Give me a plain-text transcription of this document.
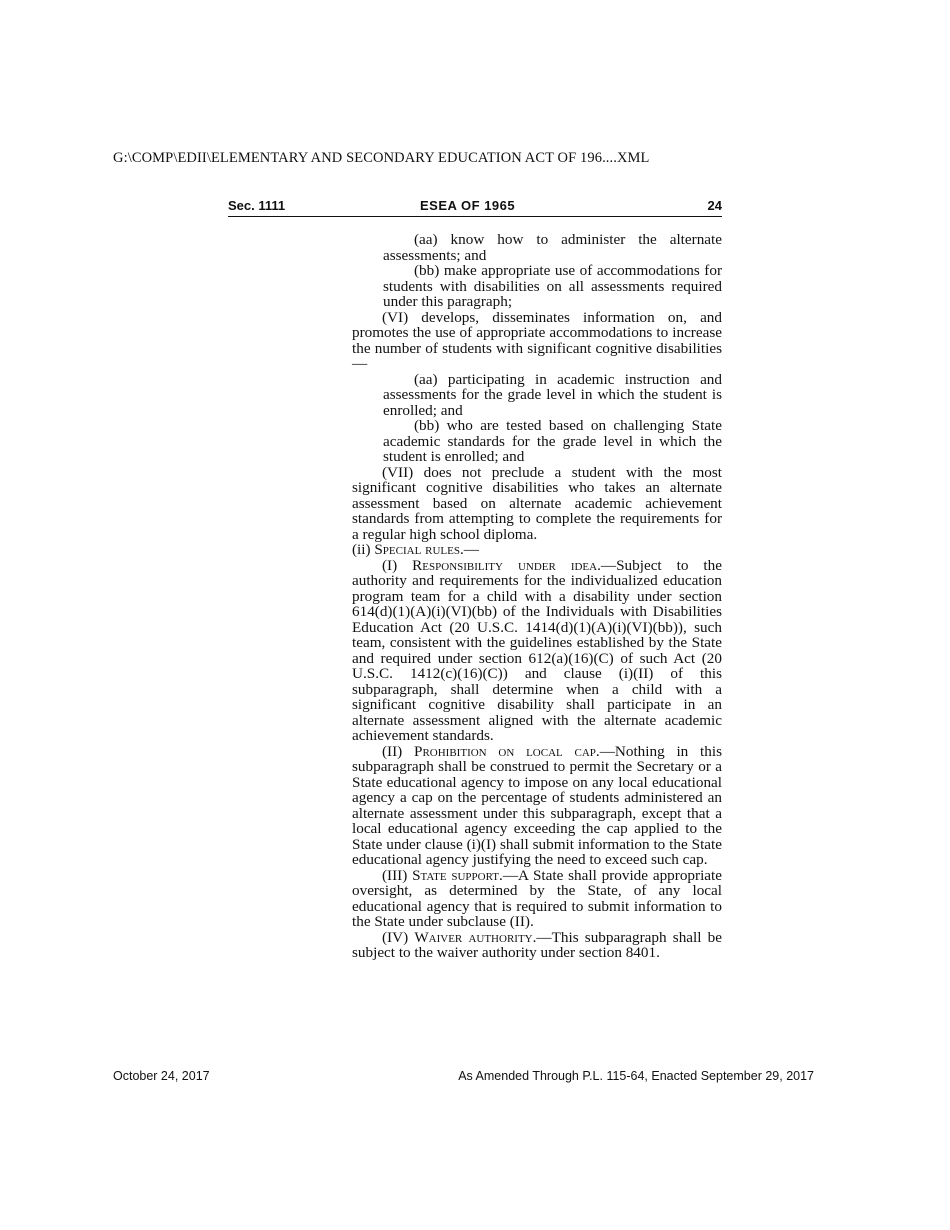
G:\COMP\EDII\ELEMENTARY AND SECONDARY EDUCATION ACT OF 196....XML
Sec. 1111	ESEA OF 1965	24

(aa) know how to administer the alternate assessments; and

(bb) make appropriate use of accommodations for students with disabilities on all assessments required under this paragraph;

(VI) develops, disseminates information on, and promotes the use of appropriate accommodations to increase the number of students with significant cognitive disabilities—

(aa) participating in academic instruction and assessments for the grade level in which the student is enrolled; and

(bb) who are tested based on challenging State academic standards for the grade level in which the student is enrolled; and

(VII) does not preclude a student with the most significant cognitive disabilities who takes an alternate assessment based on alternate academic achievement standards from attempting to complete the requirements for a regular high school diploma.

(ii) Special rules.—

(I) Responsibility under idea.—Subject to the authority and requirements for the individualized education program team for a child with a disability under section 614(d)(1)(A)(i)(VI)(bb) of the Individuals with Disabilities Education Act (20 U.S.C. 1414(d)(1)(A)(i)(VI)(bb)), such team, consistent with the guidelines established by the State and required under section 612(a)(16)(C) of such Act (20 U.S.C. 1412(c)(16)(C)) and clause (i)(II) of this subparagraph, shall determine when a child with a significant cognitive disability shall participate in an alternate assessment aligned with the alternate academic achievement standards.

(II) Prohibition on local cap.—Nothing in this subparagraph shall be construed to permit the Secretary or a State educational agency to impose on any local educational agency a cap on the percentage of students administered an alternate assessment under this subparagraph, except that a local educational agency exceeding the cap applied to the State under clause (i)(I) shall submit information to the State educational agency justifying the need to exceed such cap.

(III) State support.—A State shall provide appropriate oversight, as determined by the State, of any local educational agency that is required to submit information to the State under subclause (II).

(IV) Waiver authority.—This subparagraph shall be subject to the waiver authority under section 8401.

October 24, 2017	As Amended Through P.L. 115-64, Enacted September 29, 2017
